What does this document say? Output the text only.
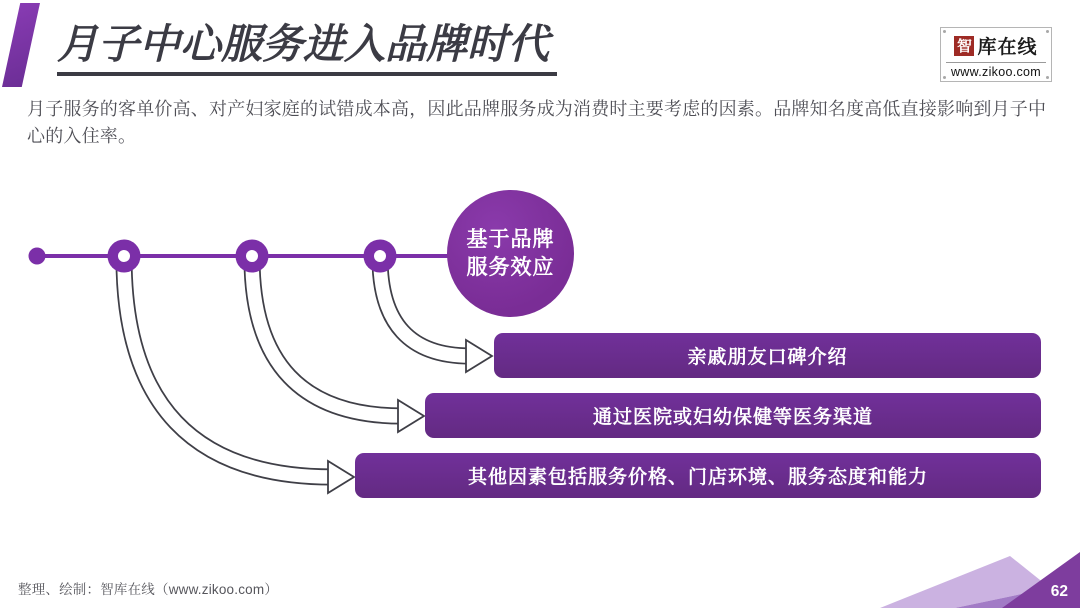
月子中心服务进入品牌时代	智 库在线
www.zikoo.com
月子服务的客单价高、对产妇家庭的试错成本高，因此品牌服务成为消费时主要考虑的因素。品牌知名度高低直接影响到月子中心的入住率。
基于品牌
服务效应
亲戚朋友口碑介绍
通过医院或妇幼保健等医务渠道
其他因素包括服务价格、门店环境、服务态度和能力
整理、绘制：智库在线（www.zikoo.com）	62
